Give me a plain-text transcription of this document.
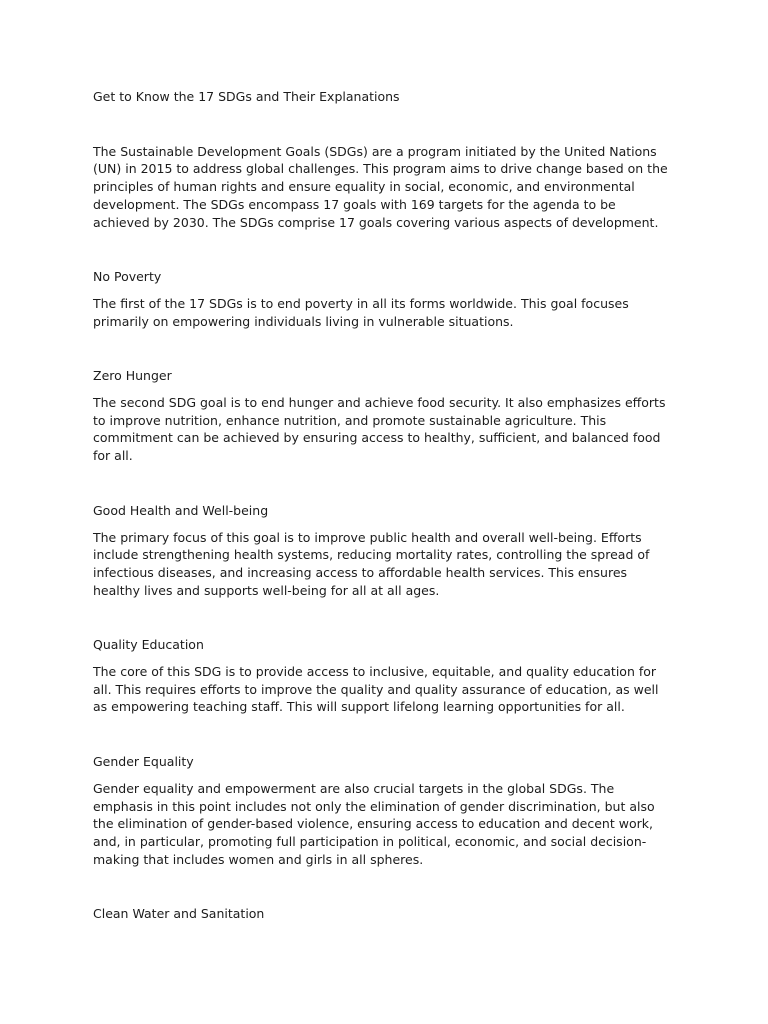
Get to Know the 17 SDGs and Their Explanations

The Sustainable Development Goals (SDGs) are a program initiated by the United Nations (UN) in 2015 to address global challenges. This program aims to drive change based on the principles of human rights and ensure equality in social, economic, and environmental development. The SDGs encompass 17 goals with 169 targets for the agenda to be achieved by 2030. The SDGs comprise 17 goals covering various aspects of development.

No Poverty

The first of the 17 SDGs is to end poverty in all its forms worldwide. This goal focuses primarily on empowering individuals living in vulnerable situations.

Zero Hunger

The second SDG goal is to end hunger and achieve food security. It also emphasizes efforts to improve nutrition, enhance nutrition, and promote sustainable agriculture. This commitment can be achieved by ensuring access to healthy, sufficient, and balanced food for all.

Good Health and Well-being

The primary focus of this goal is to improve public health and overall well-being. Efforts include strengthening health systems, reducing mortality rates, controlling the spread of infectious diseases, and increasing access to affordable health services. This ensures healthy lives and supports well-being for all at all ages.

Quality Education

The core of this SDG is to provide access to inclusive, equitable, and quality education for all. This requires efforts to improve the quality and quality assurance of education, as well as empowering teaching staff. This will support lifelong learning opportunities for all.

Gender Equality

Gender equality and empowerment are also crucial targets in the global SDGs. The emphasis in this point includes not only the elimination of gender discrimination, but also the elimination of gender-based violence, ensuring access to education and decent work, and, in particular, promoting full participation in political, economic, and social decision-making that includes women and girls in all spheres.

Clean Water and Sanitation
